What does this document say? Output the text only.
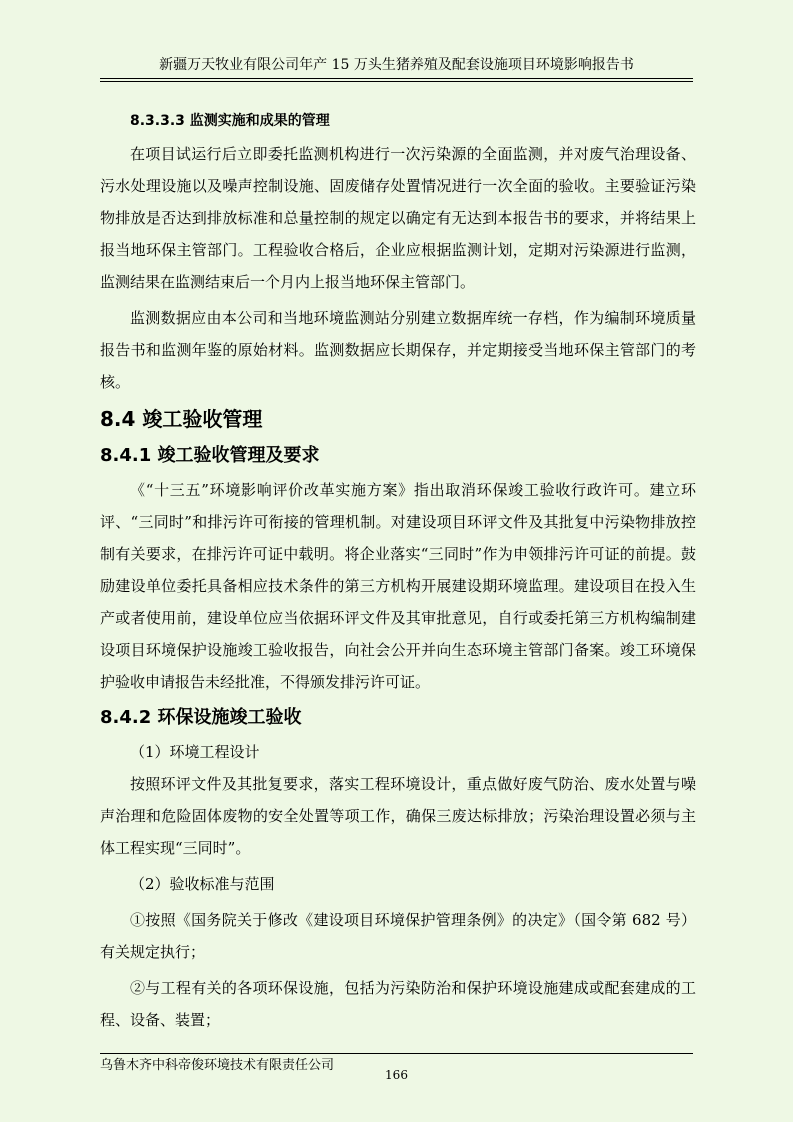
新疆万天牧业有限公司年产 15 万头生猪养殖及配套设施项目环境影响报告书
8.3.3.3 监测实施和成果的管理

在项目试运行后立即委托监测机构进行一次污染源的全面监测，并对废气治理设备、污水处理设施以及噪声控制设施、固废储存处置情况进行一次全面的验收。主要验证污染物排放是否达到排放标准和总量控制的规定以确定有无达到本报告书的要求，并将结果上报当地环保主管部门。工程验收合格后，企业应根据监测计划，定期对污染源进行监测，监测结果在监测结束后一个月内上报当地环保主管部门。

监测数据应由本公司和当地环境监测站分别建立数据库统一存档，作为编制环境质量报告书和监测年鉴的原始材料。监测数据应长期保存，并定期接受当地环保主管部门的考核。

8.4 竣工验收管理
8.4.1 竣工验收管理及要求

《“十三五”环境影响评价改革实施方案》指出取消环保竣工验收行政许可。建立环评、“三同时”和排污许可衔接的管理机制。对建设项目环评文件及其批复中污染物排放控制有关要求，在排污许可证中载明。将企业落实“三同时”作为申领排污许可证的前提。鼓励建设单位委托具备相应技术条件的第三方机构开展建设期环境监理。建设项目在投入生产或者使用前，建设单位应当依据环评文件及其审批意见，自行或委托第三方机构编制建设项目环境保护设施竣工验收报告，向社会公开并向生态环境主管部门备案。竣工环境保护验收申请报告未经批准，不得颁发排污许可证。

8.4.2 环保设施竣工验收
（1）环境工程设计

按照环评文件及其批复要求，落实工程环境设计，重点做好废气防治、废水处置与噪声治理和危险固体废物的安全处置等项工作，确保三废达标排放；污染治理设置必须与主体工程实现“三同时”。

（2）验收标准与范围

①按照《国务院关于修改《建设项目环境保护管理条例》的决定》（国令第 682 号）有关规定执行；

②与工程有关的各项环保设施，包括为污染防治和保护环境设施建成或配套建成的工程、设备、装置；

乌鲁木齐中科帝俊环境技术有限责任公司
166
